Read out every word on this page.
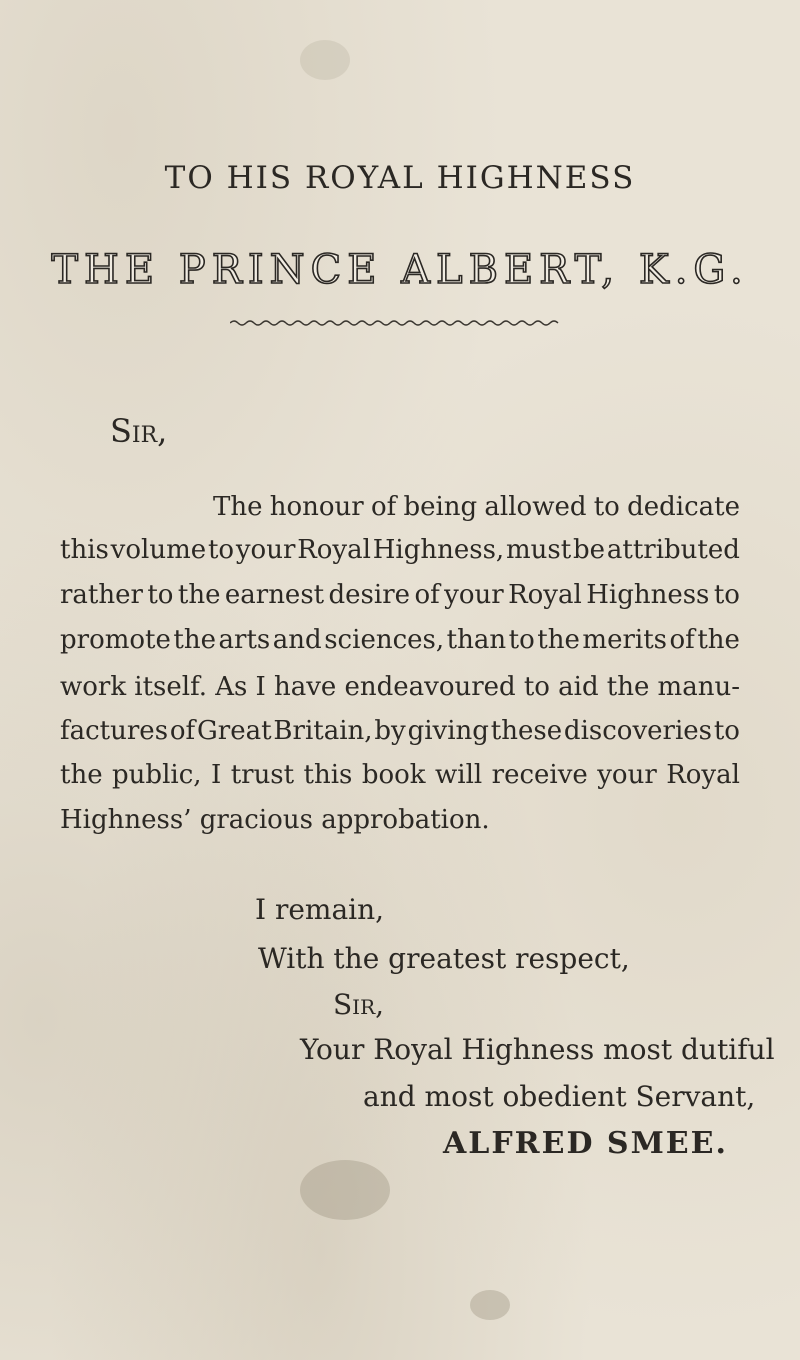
TO HIS ROYAL HIGHNESS
THE PRINCE ALBERT, K.G.
Sir,
The honour of being allowed to dedicate
this volume to your Royal Highness, must be attributed
rather to the earnest desire of your Royal Highness to
promote the arts and sciences, than to the merits of the
work itself. As I have endeavoured to aid the manu-
factures of Great Britain, by giving these discoveries to
the public, I trust this book will receive your Royal
Highness’ gracious approbation.
I remain,
With the greatest respect,
Sir,
Your Royal Highness most dutiful
and most obedient Servant,
ALFRED SMEE.
